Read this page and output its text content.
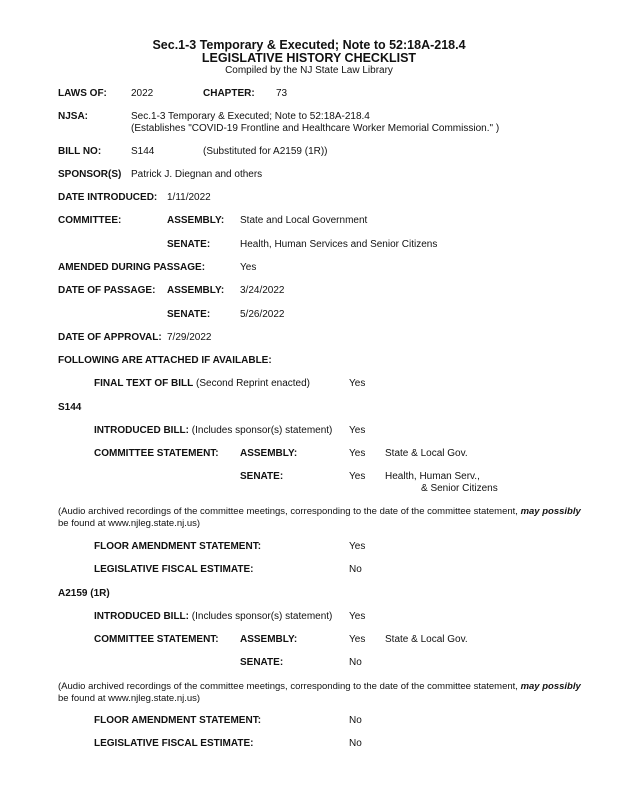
Sec.1-3 Temporary & Executed; Note to 52:18A-218.4
LEGISLATIVE HISTORY CHECKLIST
Compiled by the NJ State Law Library
LAWS OF: 2022	CHAPTER: 73
NJSA:	Sec.1-3 Temporary & Executed; Note to 52:18A-218.4
(Establishes "COVID-19 Frontline and Healthcare Worker Memorial Commission." )
BILL NO:	S144	(Substituted for A2159 (1R))
SPONSOR(S) Patrick J. Diegnan and others
DATE INTRODUCED: 1/11/2022
COMMITTEE:	ASSEMBLY: State and Local Government
SENATE:	Health, Human Services and Senior Citizens
AMENDED DURING PASSAGE:	Yes
DATE OF PASSAGE: ASSEMBLY: 3/24/2022
SENATE:	5/26/2022
DATE OF APPROVAL: 7/29/2022
FOLLOWING ARE ATTACHED IF AVAILABLE:
FINAL TEXT OF BILL (Second Reprint enacted)	Yes
S144
INTRODUCED BILL: (Includes sponsor(s) statement) Yes
COMMITTEE STATEMENT: ASSEMBLY:	Yes State & Local Gov.
SENATE:	Yes Health, Human Serv.,
& Senior Citizens
(Audio archived recordings of the committee meetings, corresponding to the date of the committee statement, may possibly
be found at www.njleg.state.nj.us)
FLOOR AMENDMENT STATEMENT:	Yes
LEGISLATIVE FISCAL ESTIMATE:	No
A2159 (1R)
INTRODUCED BILL: (Includes sponsor(s) statement) Yes
COMMITTEE STATEMENT: ASSEMBLY:	Yes State & Local Gov.
SENATE:	No
(Audio archived recordings of the committee meetings, corresponding to the date of the committee statement, may possibly
be found at www.njleg.state.nj.us)
FLOOR AMENDMENT STATEMENT:	No
LEGISLATIVE FISCAL ESTIMATE:	No
